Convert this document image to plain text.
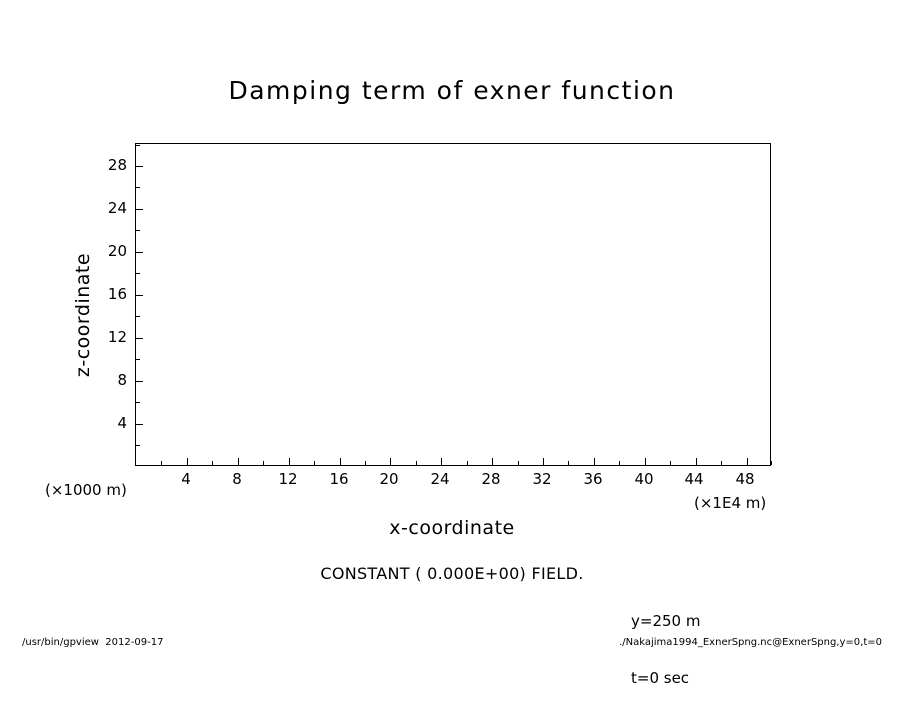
Damping term of exner function
4	8 12 16 20 24 28 32 36 40 44 48
4
8
12
16
20
24
28
x-coordinate
z-coordinate
(×1000 m)
(×1E4 m)
CONSTANT ( 0.000E+00) FIELD.

y=250 m

t=0 sec

/usr/bin/gpview  2012-09-17	./Nakajima1994_ExnerSpng.nc@ExnerSpng,y=0,t=0
